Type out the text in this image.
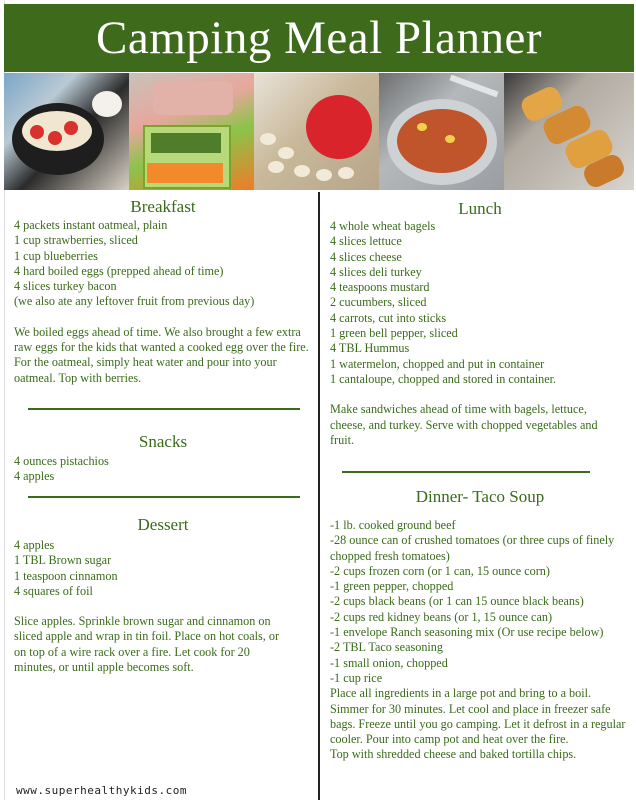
Camping Meal Planner
Breakfast
4 packets instant oatmeal, plain
1 cup strawberries, sliced
1 cup blueberries
4 hard boiled eggs (prepped ahead of time)
4 slices turkey bacon
(we also ate any leftover fruit from previous day)
We boiled eggs ahead of time. We also brought a few extra raw eggs for the kids that wanted a cooked egg over the fire.
For the oatmeal, simply heat water and pour into your oatmeal. Top with berries.
Snacks
4 ounces pistachios
4 apples
Dessert
4 apples
1 TBL Brown sugar
1 teaspoon cinnamon
4 squares of foil
Slice apples. Sprinkle brown sugar and cinnamon on sliced apple and wrap in tin foil. Place on hot coals, or on top of a wire rack over a fire. Let cook for 20 minutes, or until apple becomes soft.
Lunch
4 whole wheat bagels
4 slices lettuce
4 slices cheese
4 slices deli turkey
4 teaspoons mustard
2 cucumbers, sliced
4 carrots, cut into sticks
1 green bell pepper, sliced
4 TBL Hummus
1 watermelon, chopped and put in container
1 cantaloupe, chopped and stored in container.
Make sandwiches ahead of time with bagels, lettuce, cheese, and turkey. Serve with chopped vegetables and fruit.
Dinner- Taco Soup
-1 lb. cooked ground beef
-28 ounce can of crushed tomatoes (or three cups of finely chopped fresh tomatoes)
-2 cups frozen corn (or 1 can, 15 ounce corn)
-1 green pepper, chopped
-2 cups black beans (or 1 can 15 ounce black beans)
-2 cups red kidney beans (or 1, 15 ounce can)
-1 envelope Ranch seasoning mix (Or use recipe below)
-2 TBL Taco seasoning
-1 small onion, chopped
-1 cup rice
Place all ingredients in a large pot and bring to a boil. Simmer for 30 minutes. Let cool and place in freezer safe bags. Freeze until you go camping. Let it defrost in a regular cooler. Pour into camp pot and heat over the fire.
Top with shredded cheese and baked tortilla chips.
www.superhealthykids.com
